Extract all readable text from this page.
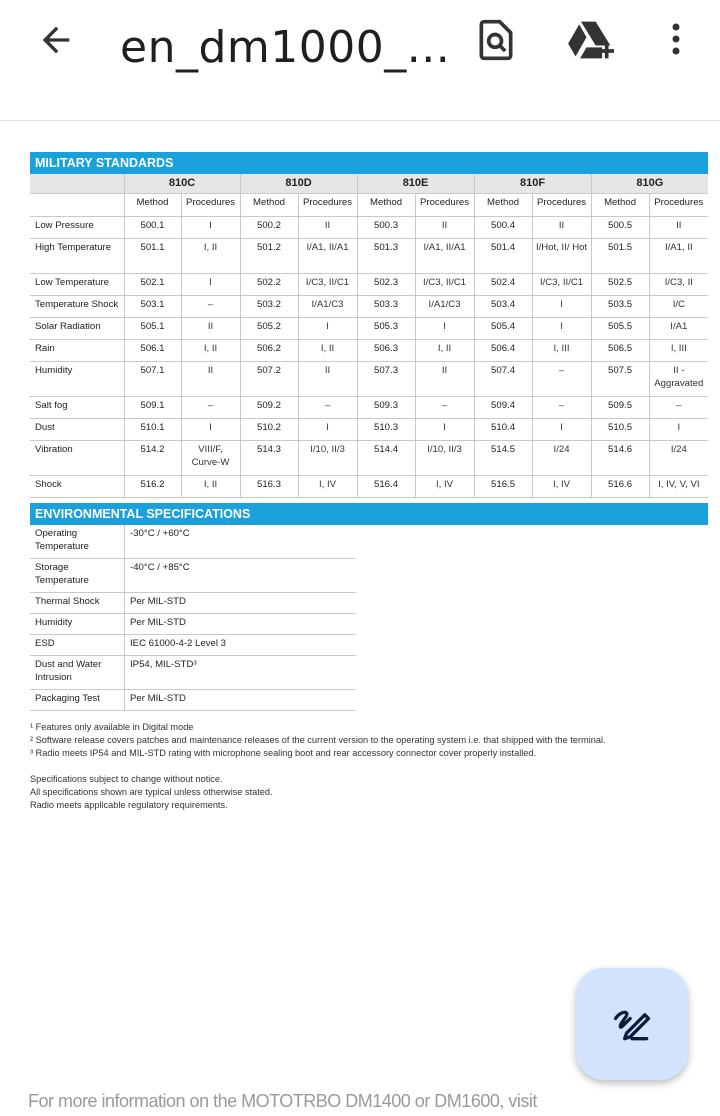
en_dm1000_...
MILITARY STANDARDS
	810C		810D		810E		810F		810G	
	Method	Procedures	Method	Procedures	Method	Procedures	Method	Procedures	Method	Procedures
Low Pressure	500.1	I	500.2	II	500.3	II	500.4	II	500.5	II
High Temperature	501.1	I, II	501.2	I/A1, II/A1	501.3	I/A1, II/A1	501.4	I/Hot, II/ Hot	501.5	I/A1, II
Low Temperature	502.1	I	502.2	I/C3, II/C1	502.3	I/C3, II/C1	502.4	I/C3, II/C1	502.5	I/C3, II
Temperature Shock	503.1	–	503.2	I/A1/C3	503.3	I/A1/C3	503.4	I	503.5	I/C
Solar Radiation	505.1	II	505.2	I	505.3	I	505.4	I	505.5	I/A1
Rain	506.1	I, II	506.2	I, II	506.3	I, II	506.4	I, III	506.5	I, III
Humidity	507.1	II	507.2	II	507.3	II	507.4	–	507.5	II - Aggravated
Salt fog	509.1	–	509.2	–	509.3	–	509.4	–	509.5	–
Dust	510.1	I	510.2	I	510.3	I	510.4	I	510.5	I
Vibration	514.2	VIII/F, Curve-W	514.3	I/10, II/3	514.4	I/10, II/3	514.5	I/24	514.6	I/24
Shock	516.2	I, II	516.3	I, IV	516.4	I, IV	516.5	I, IV	516.6	I, IV, V, VI
ENVIRONMENTAL SPECIFICATIONS
Operating Temperature	-30°C / +60°C
Storage Temperature	-40°C / +85°C
Thermal Shock	Per MIL-STD
Humidity	Per MIL-STD
ESD	IEC 61000-4-2 Level 3
Dust and Water Intrusion	IP54, MIL-STD³
Packaging Test	Per MIL-STD

¹ Features only available in Digital mode

² Software release covers patches and maintenance releases of the current version to the operating system i.e. that shipped with the terminal.

³ Radio meets IP54 and MIL-STD rating with microphone sealing boot and rear accessory connector cover properly installed.

Specifications subject to change without notice.

All specifications shown are typical unless otherwise stated.

Radio meets applicable regulatory requirements.

For more information on the MOTOTRBO DM1400 or DM1600, visit
